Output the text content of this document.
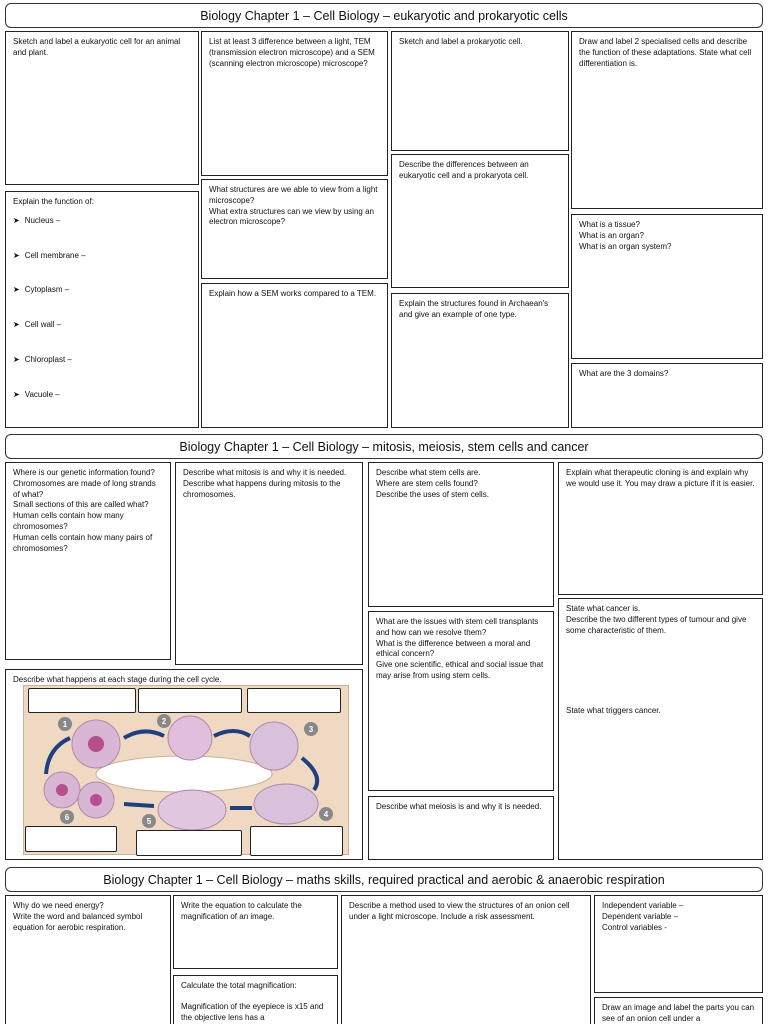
Biology Chapter 1 – Cell Biology – eukaryotic and prokaryotic cells

Sketch and label a eukaryotic cell for an animal and plant.

List at least 3 difference between a light, TEM (transmission electron microscope) and a SEM (scanning electron microscope) microscope?

Sketch and label a prokaryotic cell.	Draw and label 2 specialised cells and describe the function of these adaptations. State what cell differentiation is.

Explain the function of:

➤ Nucleus –
➤ Cell membrane –
➤ Cytoplasm –
➤ Cell wall –
➤ Chloroplast –
➤ Vacuole –

What structures are we able to view from a light microscope?

What extra structures can we view by using an electron microscope?

Describe the differences between an eukaryotic cell and a prokaryota cell.

What is a tissue?

What is an organ?

What is an organ system?

Explain how a SEM works compared to a TEM.

Explain the structures found in Archaean's and give an example of one type.

What are the 3 domains?

Biology Chapter 1 – Cell Biology – mitosis, meiosis, stem cells and cancer

Where is our genetic information found?

Chromosomes are made of long strands of what?

Small sections of this are called what?

Human cells contain how many chromosomes?

Human cells contain how many pairs of chromosomes?

Describe what mitosis is and why it is needed.

Describe what happens during mitosis to the chromosomes.

Describe what stem cells are.

Where are stem cells found?

Describe the uses of stem cells.

Explain what therapeutic cloning is and explain why we would use it. You may draw a picture if it is easier.

Describe what happens at each stage during the cell cycle.

1	2
3
4
5
6

What are the issues with stem cell transplants and how can we resolve them?

What is the difference between a moral and ethical concern?

Give one scientific, ethical and social issue that may arise from using stem cells.

State what cancer is.

Describe the two different types of tumour and give some characteristic of them.

State what triggers cancer.

Describe what meiosis is and why it is needed.

Biology Chapter 1 – Cell Biology – maths skills, required practical and aerobic & anaerobic respiration

Why do we need energy?

Write the word and balanced symbol equation for aerobic respiration.

Write the equation to calculate the magnification of an image.

Calculate the total magnification:

Magnification of the eyepiece is x15 and the objective lens has a

Describe a method used to view the structures of an onion cell under a light microscope. Include a risk assessment.

Independent variable –

Dependent variable –

Control variables -

Draw an image and label the parts you can see of an onion cell under a
